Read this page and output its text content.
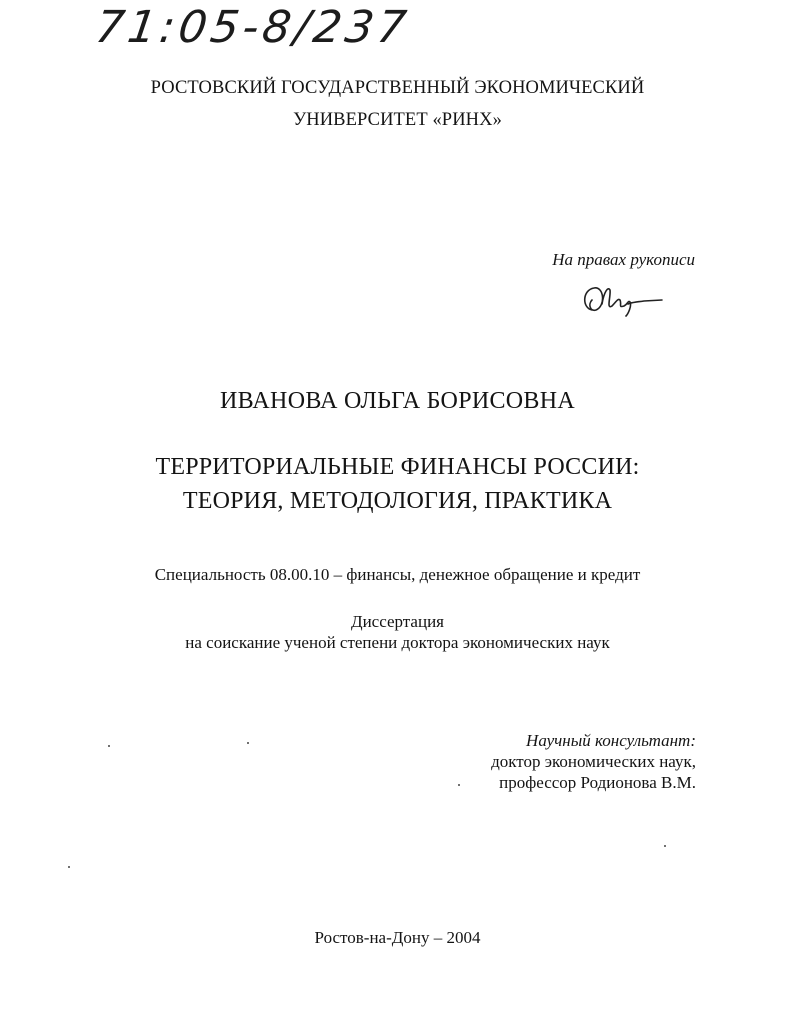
71:05-8/237
РОСТОВСКИЙ ГОСУДАРСТВЕННЫЙ ЭКОНОМИЧЕСКИЙ
УНИВЕРСИТЕТ «РИНХ»
На правах рукописи
ИВАНОВА ОЛЬГА БОРИСОВНА
ТЕРРИТОРИАЛЬНЫЕ ФИНАНСЫ РОССИИ:
ТЕОРИЯ, МЕТОДОЛОГИЯ, ПРАКТИКА
Специальность 08.00.10 – финансы, денежное обращение и кредит
Диссертация
на соискание ученой степени доктора экономических наук
Научный консультант:
доктор экономических наук,
профессор Родионова В.М.
Ростов-на-Дону – 2004
